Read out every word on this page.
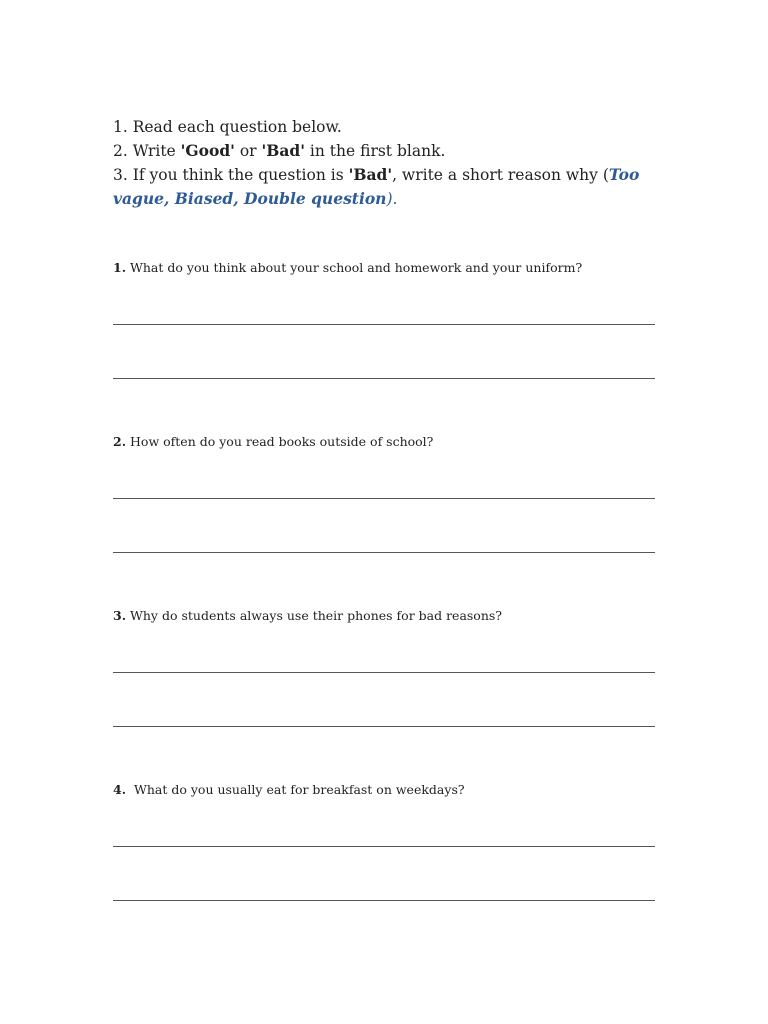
1. Read each question below.
2. Write 'Good' or 'Bad' in the first blank.
3. If you think the question is 'Bad', write a short reason why (Too
vague, Biased, Double question).
1. What do you think about your school and homework and your uniform?
2. How often do you read books outside of school?
3. Why do students always use their phones for bad reasons?
4.  What do you usually eat for breakfast on weekdays?
